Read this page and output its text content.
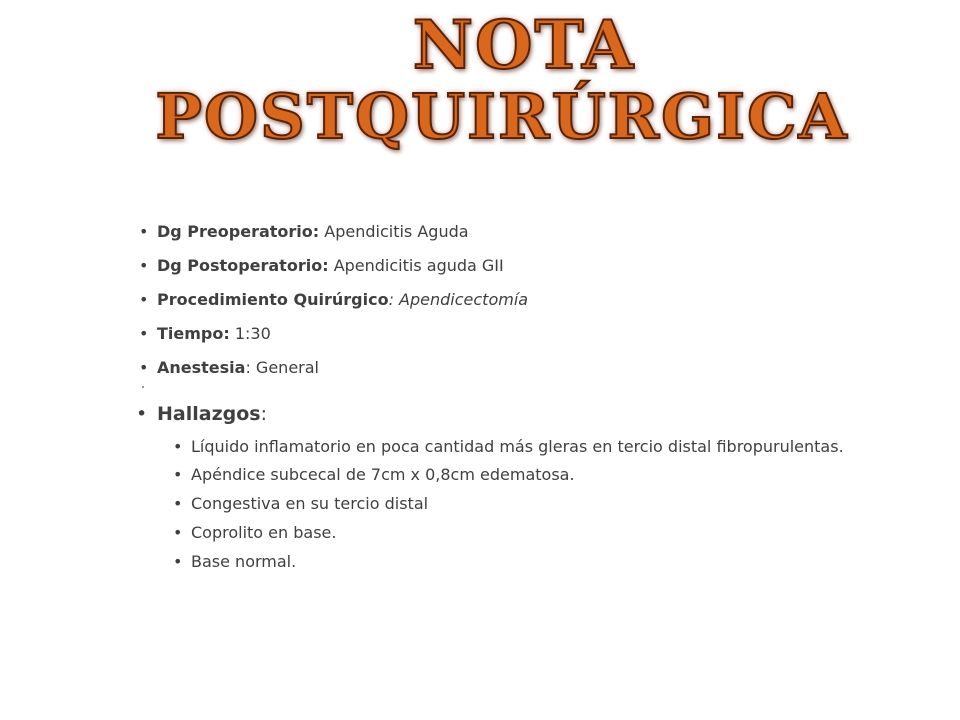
NOTA
POSTQUIRÚRGICA
• Dg Preoperatorio: Apendicitis Aguda
• Dg Postoperatorio: Apendicitis aguda GII
• Procedimiento Quirúrgico: Apendicectomía
• Tiempo: 1:30
• Anestesia: General
• Hallazgos:
• Líquido inflamatorio en poca cantidad más gleras en tercio distal fibropurulentas.
• Apéndice subcecal de 7cm x 0,8cm edematosa.
• Congestiva en su tercio distal
• Coprolito en base.
• Base normal.
